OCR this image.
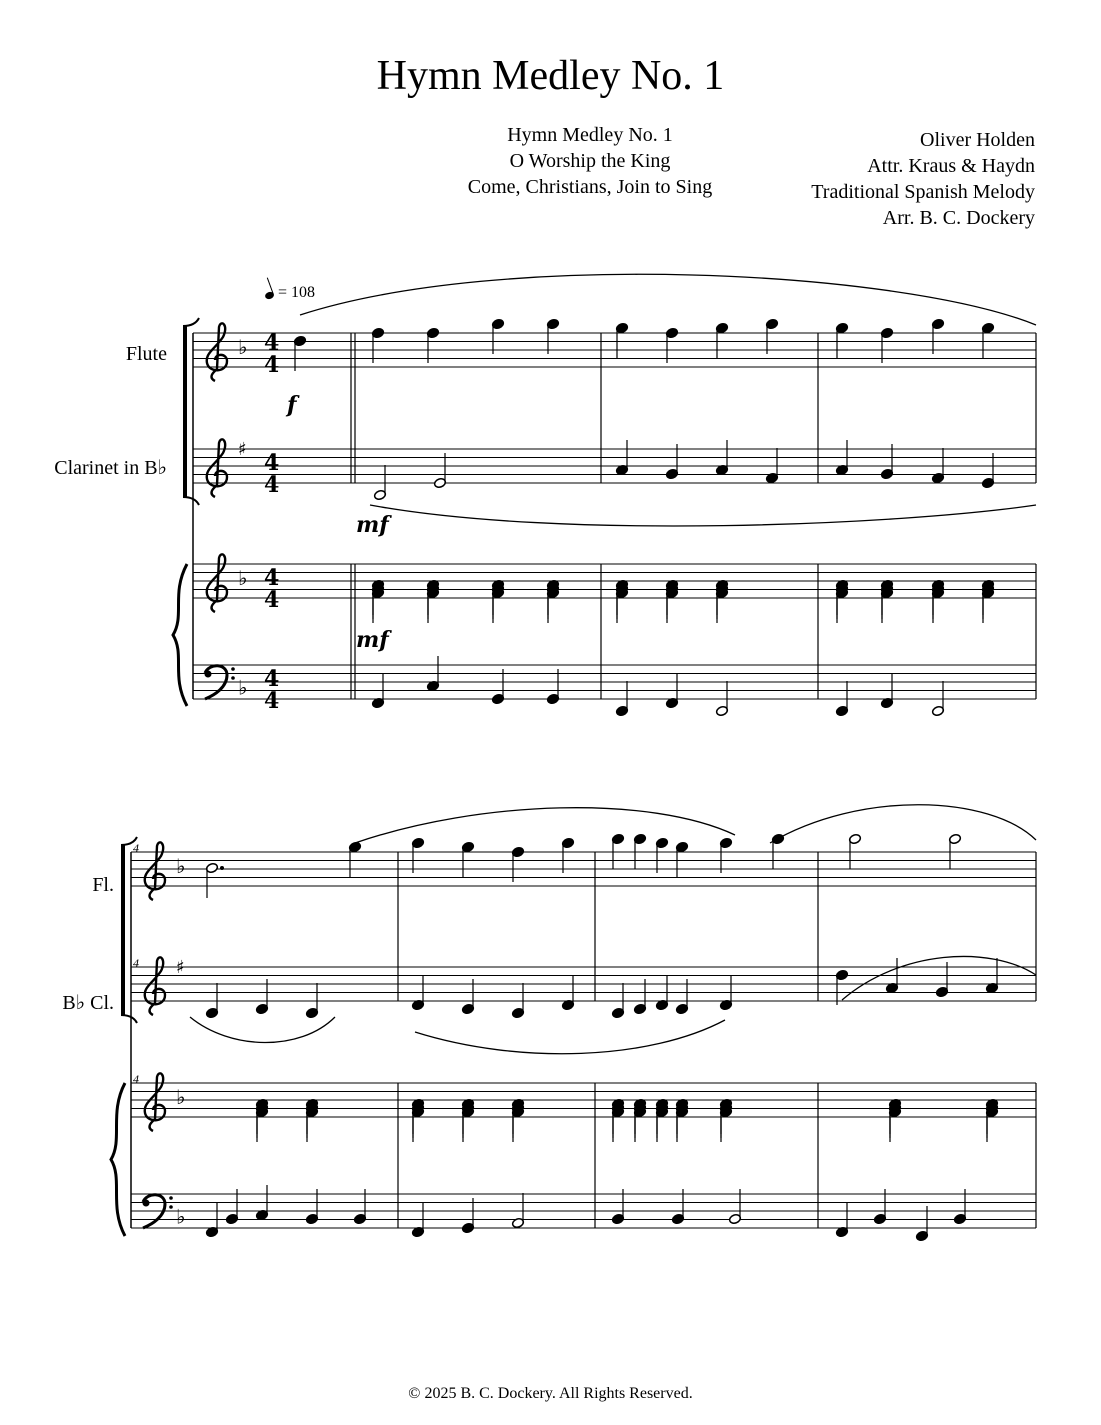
Hymn Medley No. 1
Hymn Medley No. 1
O Worship the King
Come, Christians, Join to Sing
Oliver Holden
Attr. Kraus & Haydn
Traditional Spanish Melody
Arr. B. C. Dockery
= 108
Flute
Clarinet in B♭
Fl.
B♭ Cl.
♭
♭
♭
♯
♭
♭
♭
♯
f
mf
mf
4
4
4
4
4
4
4
4
4
4
4
© 2025 B. C. Dockery. All Rights Reserved.
